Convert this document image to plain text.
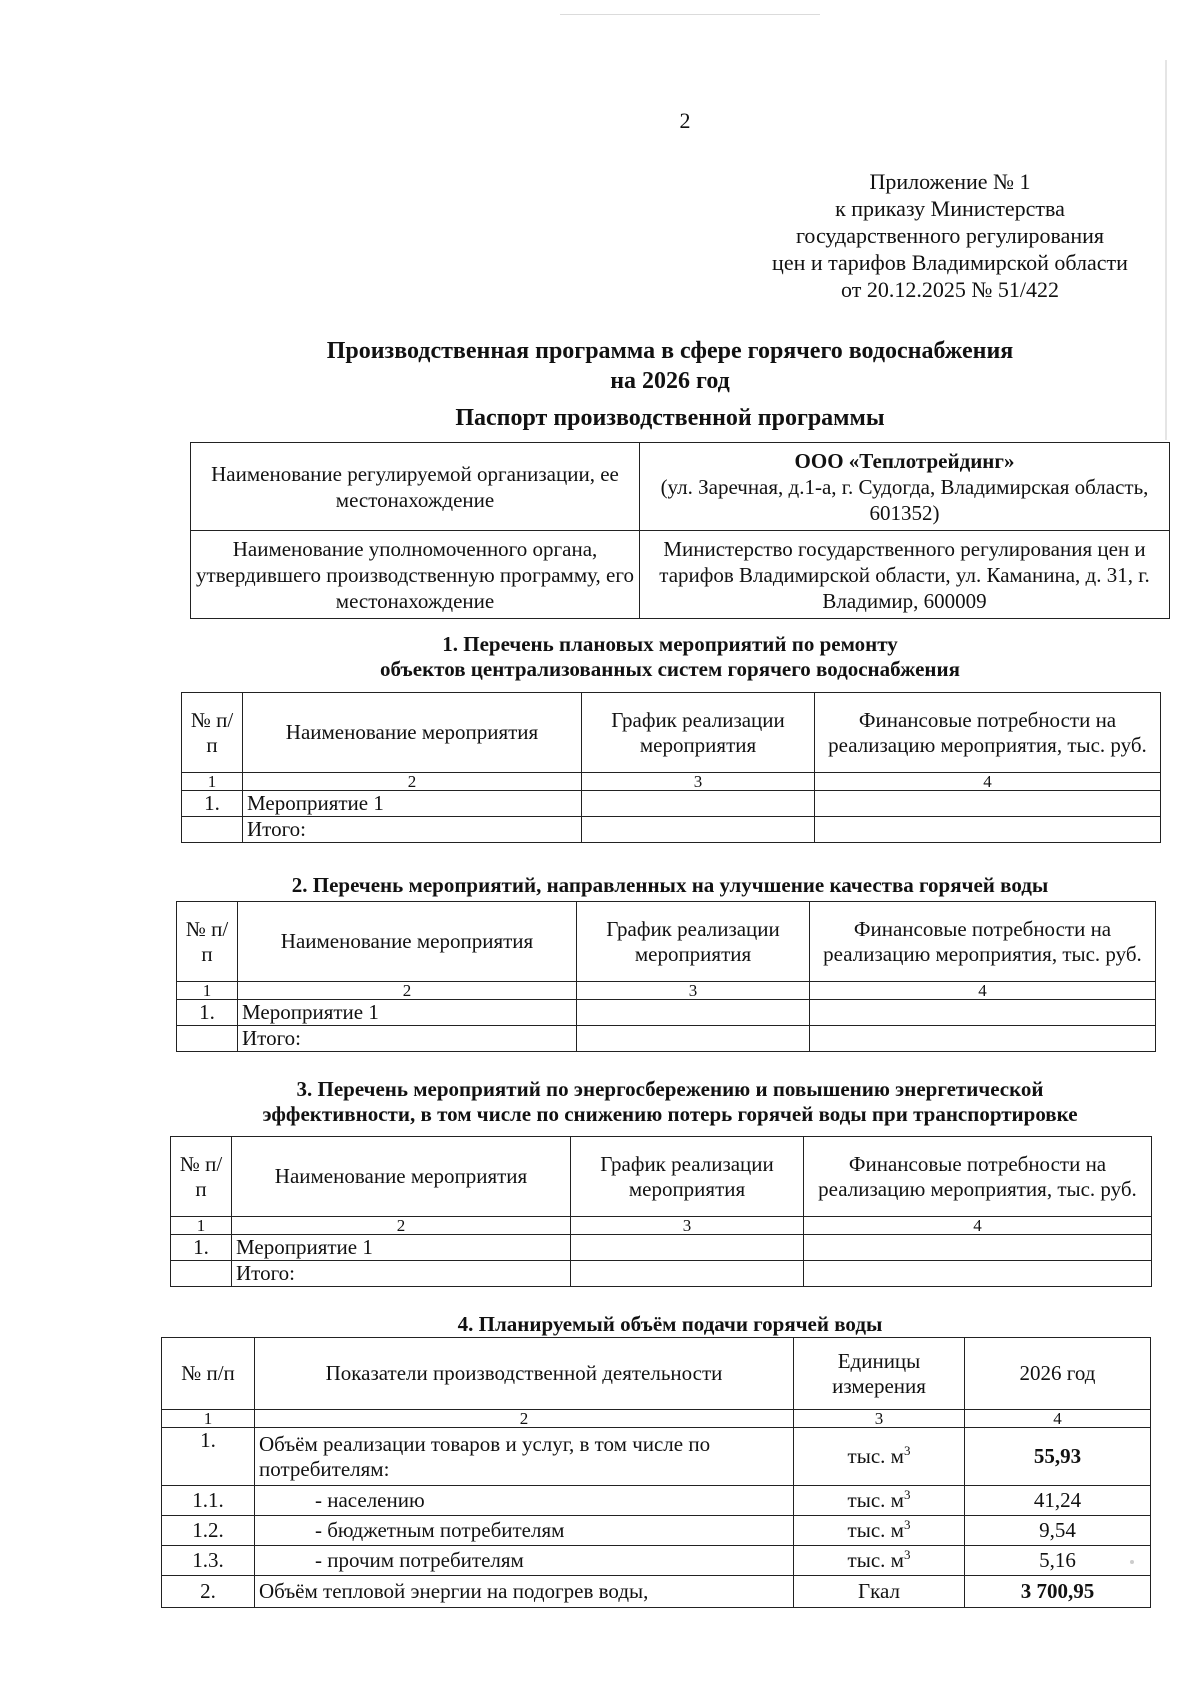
2
Приложение № 1
к приказу Министерства
государственного регулирования
цен и тарифов Владимирской области
от 20.12.2025 № 51/422
Производственная программа в сфере горячего водоснабжения
на 2026 год
Паспорт производственной программы
Наименование регулируемой организации, ее местонахождение	ООО «Теплотрейдинг»
(ул. Заречная, д.1-а, г. Судогда, Владимирская область, 601352)

Наименование уполномоченного органа, утвердившего производственную программу, его местонахождение	Министерство государственного регулирования цен и тарифов Владимирской области, ул. Каманина, д. 31, г. Владимир, 600009
1. Перечень плановых мероприятий по ремонту
объектов централизованных систем горячего водоснабжения
№ п/п	Наименование мероприятия	График реализации мероприятия	Финансовые потребности на реализацию мероприятия, тыс. руб.
1	2	3	4
1.	Мероприятие 1		
	Итого:		
2. Перечень мероприятий, направленных на улучшение качества горячей воды
№ п/п	Наименование мероприятия	График реализации мероприятия	Финансовые потребности на реализацию мероприятия, тыс. руб.
1	2	3	4
1.	Мероприятие 1		
	Итого:		
3. Перечень мероприятий по энергосбережению и повышению энергетической
эффективности, в том числе по снижению потерь горячей воды при транспортировке
№ п/п	Наименование мероприятия	График реализации мероприятия	Финансовые потребности на реализацию мероприятия, тыс. руб.
1	2	3	4
1.	Мероприятие 1		
	Итого:		
4. Планируемый объём подачи горячей воды
№ п/п	Показатели производственной деятельности	Единицы измерения	2026 год
1	2	3	4
1.	Объём реализации товаров и услуг, в том числе по потребителям:	тыс. $м^3$	55,93
1.1.	- населению	тыс. $м^3$	41,24
1.2.	- бюджетным потребителям	тыс. $м^3$	9,54
1.3.	- прочим потребителям	тыс. $м^3$	5,16
2.	Объём тепловой энергии на подогрев воды,	Гкал	3 700,95
